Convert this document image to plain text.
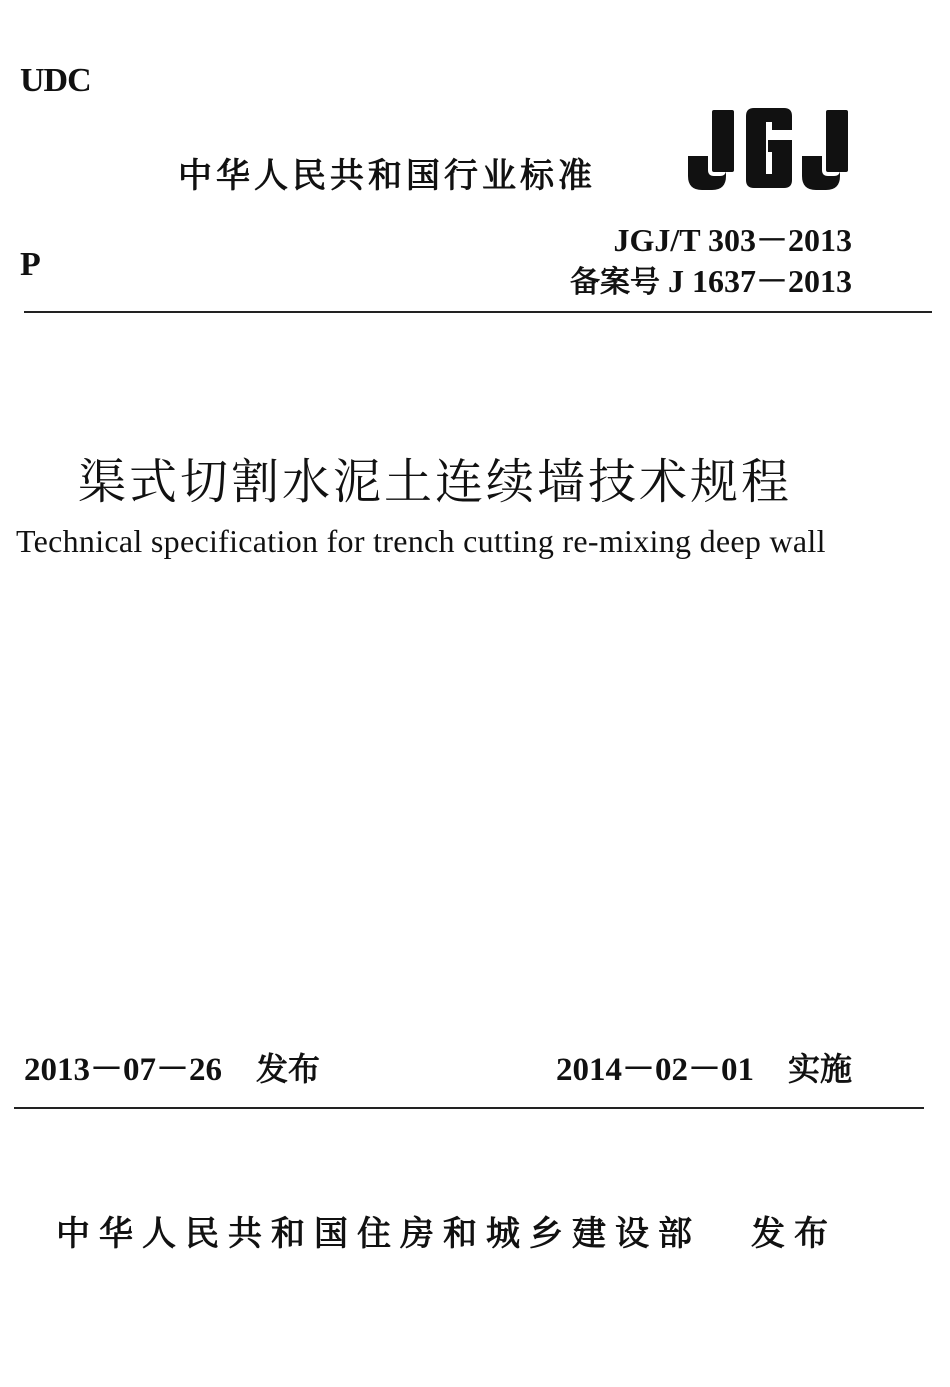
UDC
中华人民共和国行业标准
JGJ/T 303－2013
备案号 J 1637－2013
P
渠式切割水泥土连续墙技术规程
Technical specification for trench cutting re-mixing deep wall
2013－07－26 发布	2014－02－01 实施
中华人民共和国住房和城乡建设部 发布
